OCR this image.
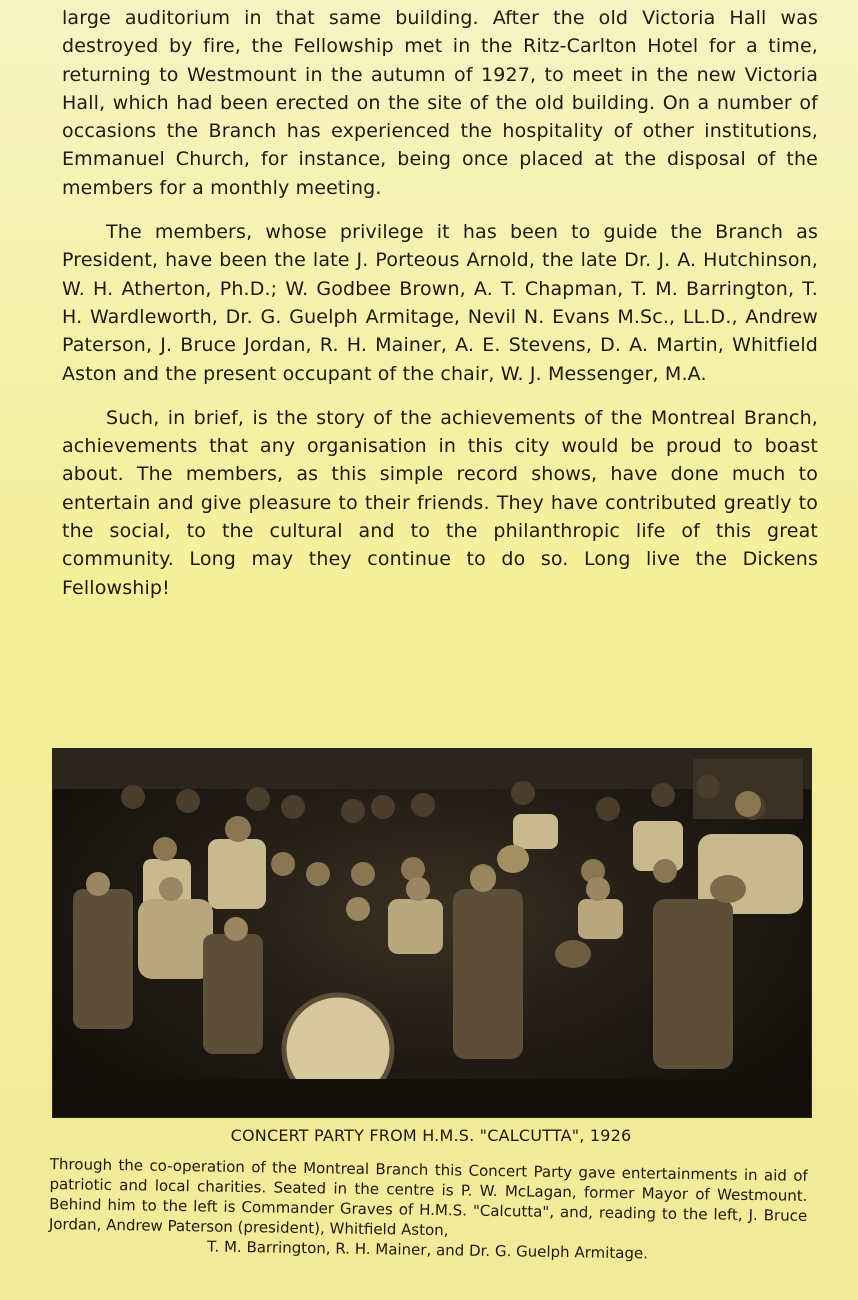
large auditorium in that same building. After the old Victoria Hall was destroyed by fire, the Fellowship met in the Ritz-Carlton Hotel for a time, returning to Westmount in the autumn of 1927, to meet in the new Victoria Hall, which had been erected on the site of the old building. On a number of occasions the Branch has experienced the hospitality of other institutions, Emmanuel Church, for instance, being once placed at the disposal of the members for a monthly meeting.

The members, whose privilege it has been to guide the Branch as President, have been the late J. Porteous Arnold, the late Dr. J. A. Hutchinson, W. H. Atherton, Ph.D.; W. Godbee Brown, A. T. Chapman, T. M. Barrington, T. H. Wardleworth, Dr. G. Guelph Armitage, Nevil N. Evans M.Sc., LL.D., Andrew Paterson, J. Bruce Jordan, R. H. Mainer, A. E. Stevens, D. A. Martin, Whitfield Aston and the present occupant of the chair, W. J. Messenger, M.A.

Such, in brief, is the story of the achievements of the Montreal Branch, achievements that any organisation in this city would be proud to boast about. The members, as this simple record shows, have done much to entertain and give pleasure to their friends. They have contributed greatly to the social, to the cultural and to the philanthropic life of this great community. Long may they continue to do so. Long live the Dickens Fellowship!

CONCERT PARTY FROM H.M.S. "CALCUTTA", 1926
Through the co-operation of the Montreal Branch this Concert Party gave entertainments in aid of patriotic and local charities. Seated in the centre is P. W. McLagan, former Mayor of Westmount. Behind him to the left is Commander Graves of H.M.S. "Calcutta", and, reading to the left, J. Bruce Jordan, Andrew Paterson (president), Whitfield Aston,
T. M. Barrington, R. H. Mainer, and Dr. G. Guelph Armitage.
